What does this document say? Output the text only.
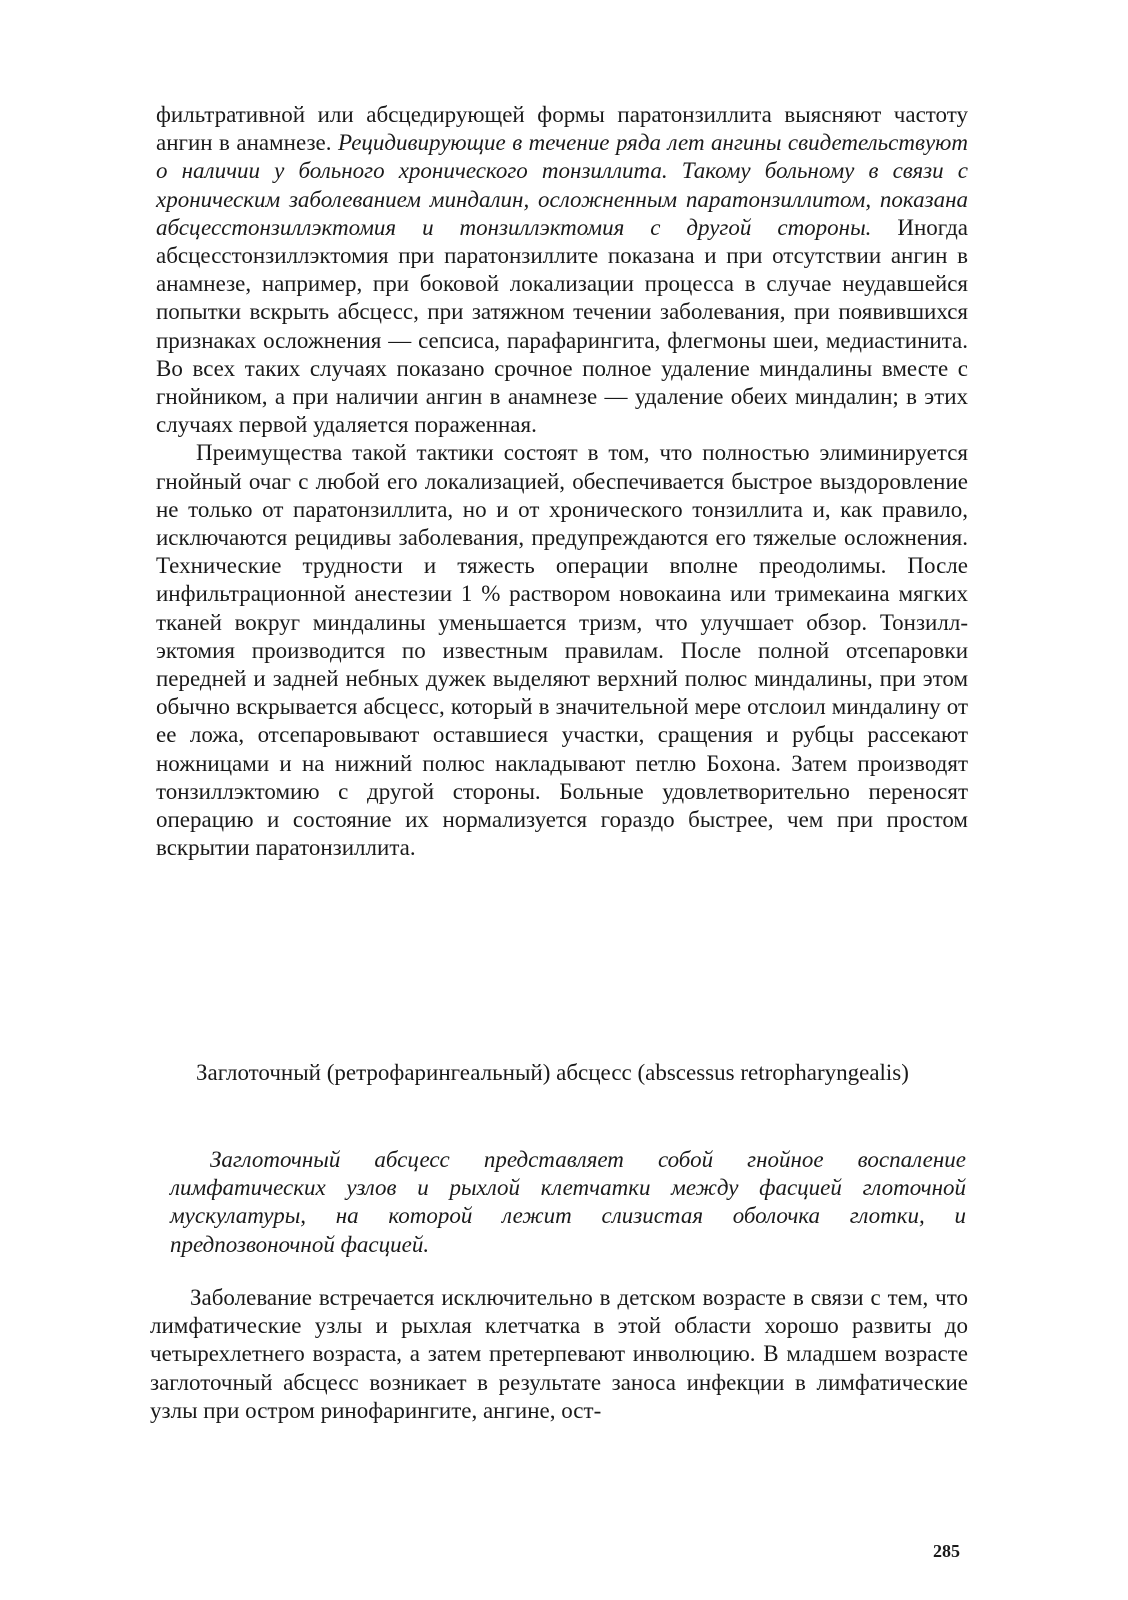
фильтративной или абсцедирующей формы паратонзиллита выясняют частоту ангин в анамнезе. Рецидивирующие в течение ряда лет ангины свидетельствуют о наличии у больного хронического тонзиллита. Такому больному в связи с хроническим заболеванием миндалин, осложненным паратонзиллитом, показана абсцесстонзиллэктомия и тонзиллэктомия с другой стороны. Иногда абсцесстонзиллэктомия при паратонзиллите показана и при отсутствии ангин в анамнезе, например, при боковой локализации процесса в случае неудавшейся попытки вскрыть абсцесс, при затяжном течении заболевания, при появившихся признаках осложнения — сепсиса, парафарингита, флегмоны шеи, медиастинита. Во всех таких случаях показано срочное полное удаление миндалины вместе с гнойником, а при наличии ангин в анамнезе — удаление обеих миндалин; в этих случаях первой удаляется пораженная.

Преимущества такой тактики состоят в том, что полностью элиминируется гнойный очаг с любой его локализацией, обеспечивается быстрое выздоровление не только от паратонзиллита, но и от хронического тонзиллита и, как правило, исключаются рецидивы заболевания, предупреждаются его тяжелые осложнения. Технические трудности и тяжесть операции вполне преодолимы. После инфильтрационной анестезии 1 % раствором новокаина или тримекаина мягких тканей вокруг миндалины уменьшается тризм, что улучшает обзор. Тонзиллэктомия производится по известным правилам. После полной отсепаровки передней и задней небных дужек выделяют верхний полюс миндалины, при этом обычно вскрывается абсцесс, который в значительной мере отслоил миндалину от ее ложа, отсепаровывают оставшиеся участки, сращения и рубцы рассекают ножницами и на нижний полюс накладывают петлю Бохона. Затем производят тонзиллэктомию с другой стороны. Больные удовлетворительно переносят операцию и состояние их нормализуется гораздо быстрее, чем при простом вскрытии паратонзиллита.

Заглоточный (ретрофарингеальный) абсцесс (abscessus retropharyngealis)

Заглоточный абсцесс представляет собой гнойное воспаление лимфатических узлов и рыхлой клетчатки между фасцией глоточной мускулатуры, на которой лежит слизистая оболочка глотки, и предпозвоночной фасцией.

Заболевание встречается исключительно в детском возрасте в связи с тем, что лимфатические узлы и рыхлая клетчатка в этой области хорошо развиты до четырехлетнего возраста, а затем претерпевают инволюцию. В младшем возрасте заглоточный абсцесс возникает в результате заноса инфекции в лимфатические узлы при остром ринофарингите, ангине, ост-

285
